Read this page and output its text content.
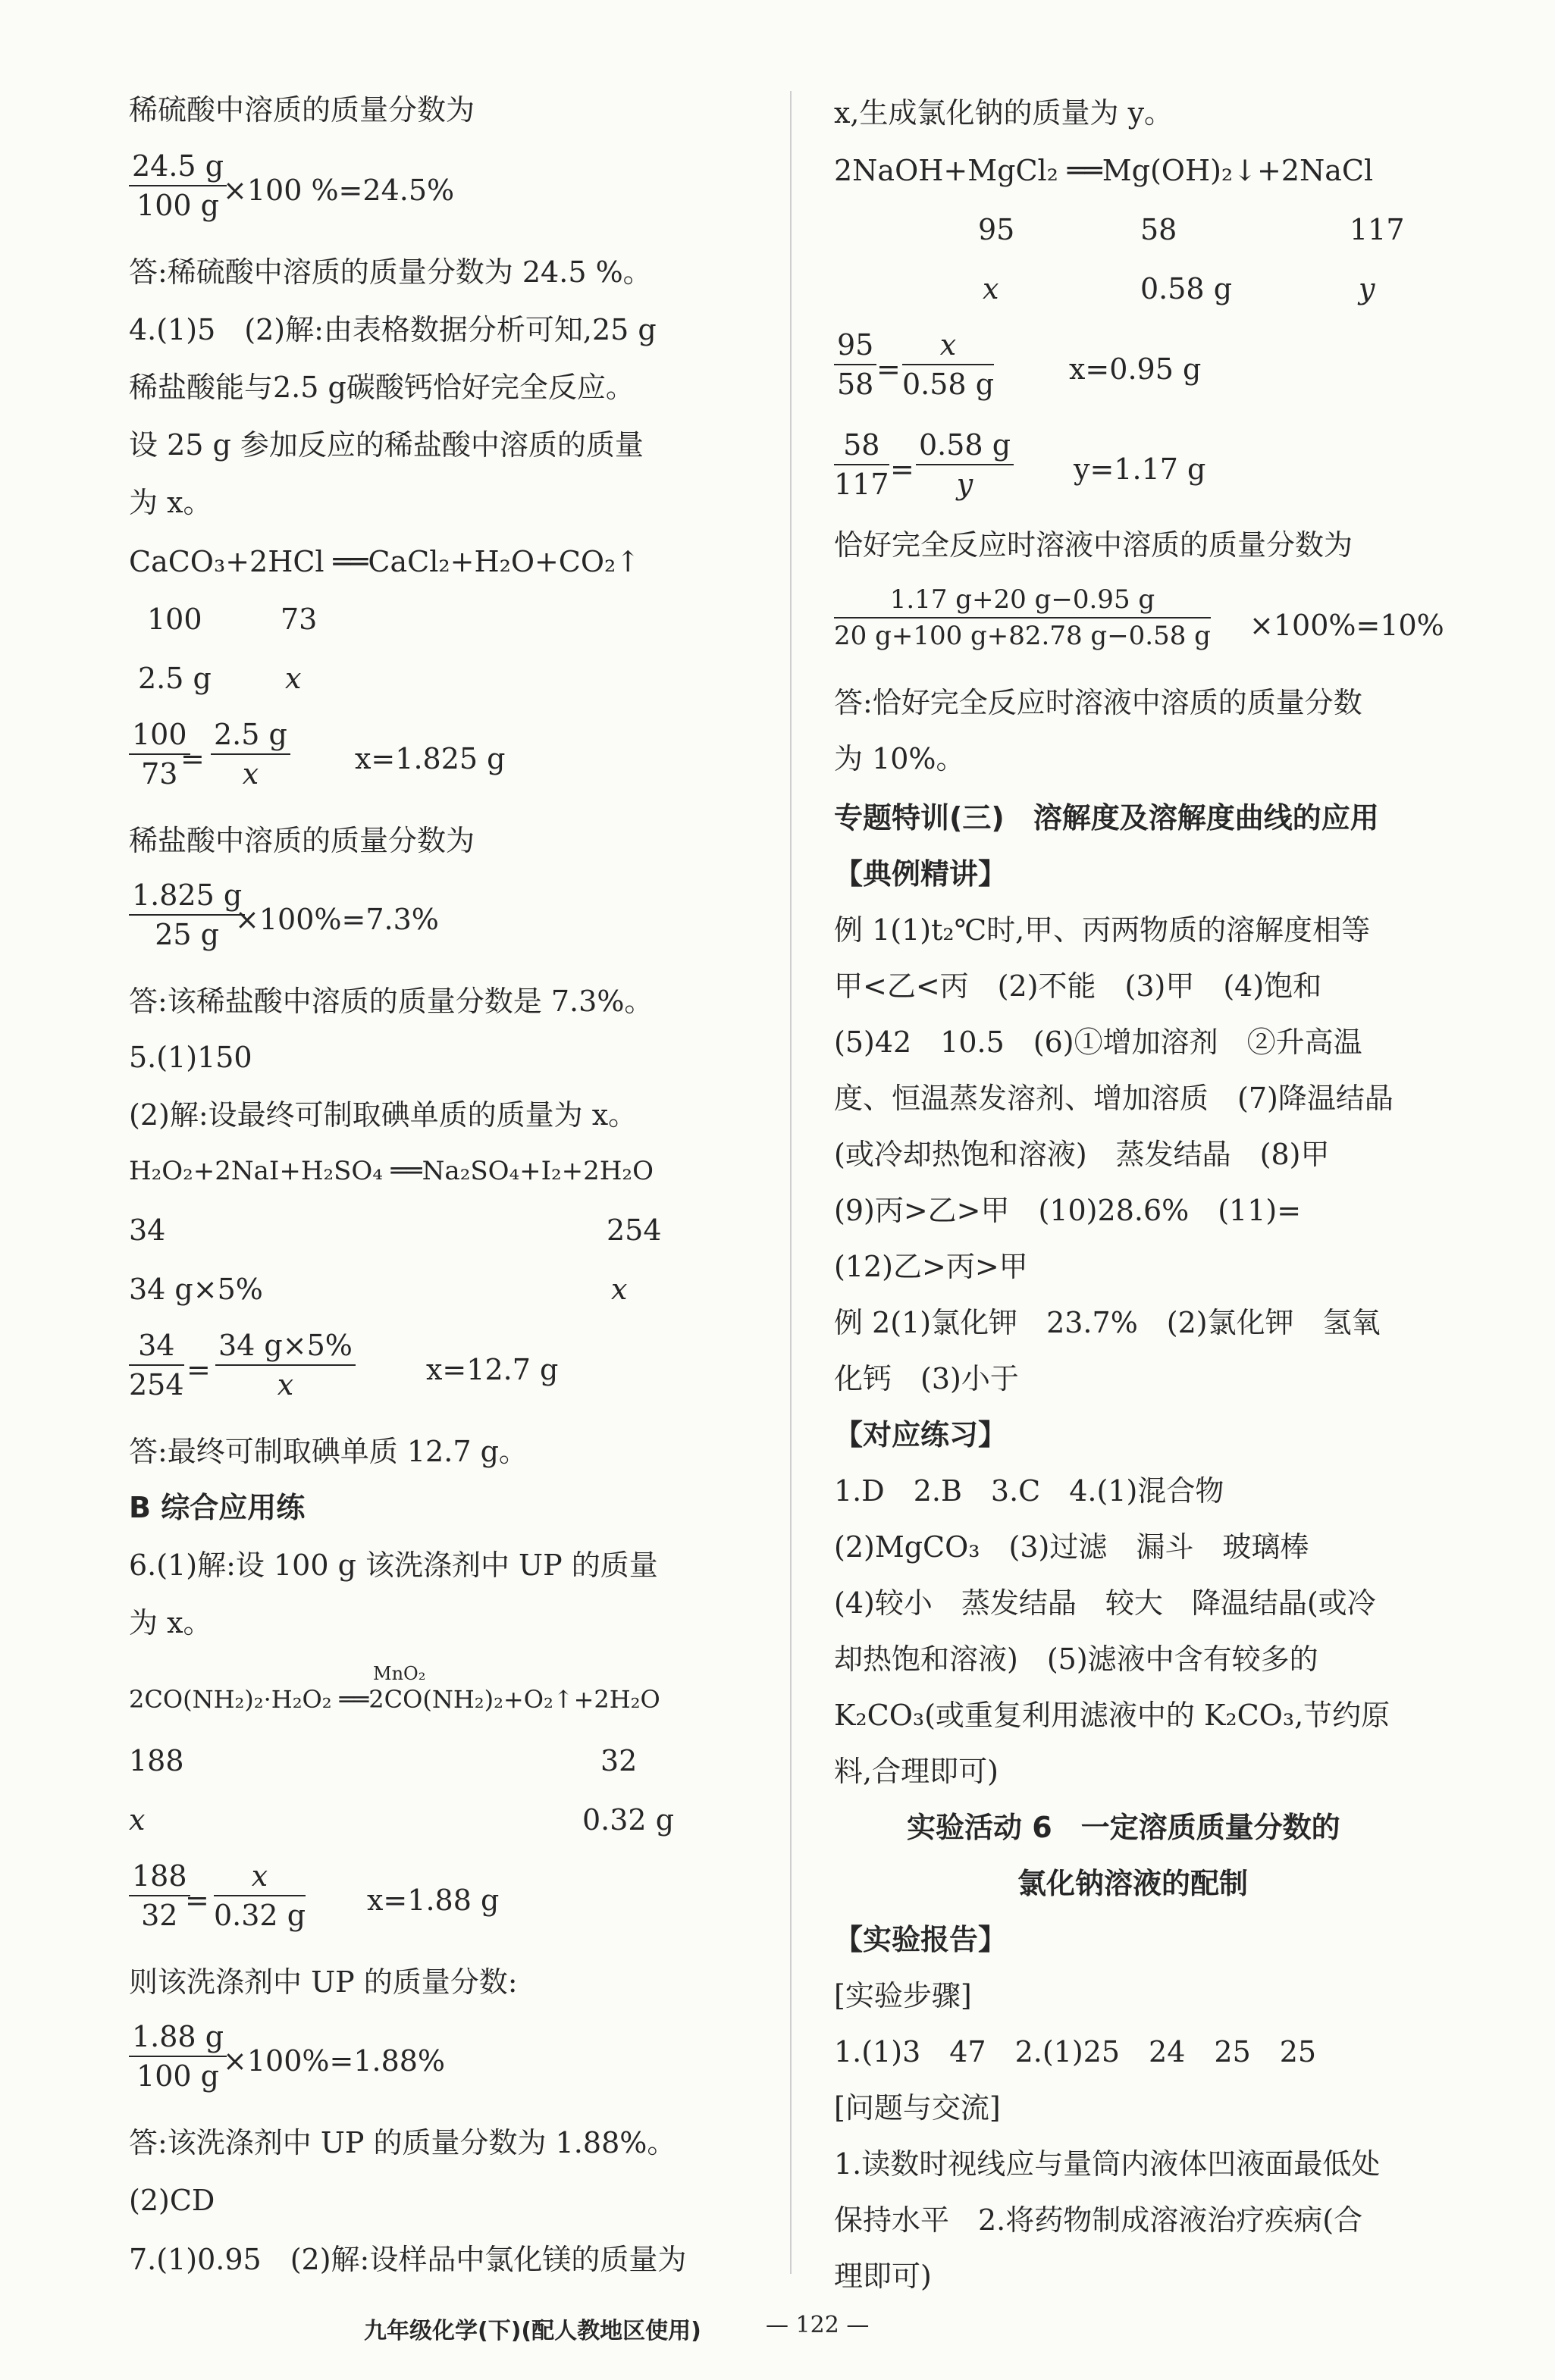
稀硫酸中溶质的质量分数为
$\frac{24.5 g}{100 g}$
×100 %=24.5%
答:稀硫酸中溶质的质量分数为 24.5 %。
4.(1)5　(2)解:由表格数据分析可知,25 g
稀盐酸能与2.5 g碳酸钙恰好完全反应。
设 25 g 参加反应的稀盐酸中溶质的质量
为 x。
CaCO₃+2HCl ══CaCl₂+H₂O+CO₂↑
100	73
2.5 g	x
$\frac{100}{73}$
= $\frac{2.5 g}{x} x=1.825$ g
稀盐酸中溶质的质量分数为
$\frac{1.825 g}{25 g}$
×100%=7.3%
答:该稀盐酸中溶质的质量分数是 7.3%。
5.(1)150
(2)解:设最终可制取碘单质的质量为 x。
H₂O₂+2NaI+H₂SO₄ ══Na₂SO₄+I₂+2H₂O
34	254
34 g×5%	x
$\frac{34}{254} = \frac{34 g\times 5\%}{x} x=12.7$ g
答:最终可制取碘单质 12.7 g。
B 综合应用练
6.(1)解:设 100 g 该洗涤剂中 UP 的质量
为 x。
MnO₂
2CO(NH₂)₂·H₂O₂ ══2CO(NH₂)₂+O₂↑+2H₂O
188	32
x	0.32 g
$\frac{188}{32}$
= $\frac{x}{0.32 g} x=1.88$ g
则该洗涤剂中 UP 的质量分数:
$\frac{1.88 g}{100 g}$
×100%=1.88%
答:该洗涤剂中 UP 的质量分数为 1.88%。
(2)CD
7.(1)0.95　(2)解:设样品中氯化镁的质量为
x,生成氯化钠的质量为 y。
2NaOH+MgCl₂ ══Mg(OH)₂↓+2NaCl
95	58	117
x	0.58 g	y
$\frac{95}{58} = \frac{x}{0.58 g}$	x=0.95 g
$\frac{58}{117} = \frac{0.58 g}{y} y=1.17$ g
恰好完全反应时溶液中溶质的质量分数为
$\frac{1.17 g+20 g-0.95 g}{20 g+100 g+82.78 g-0.58 g} \times 100\%=10\%$
答:恰好完全反应时溶液中溶质的质量分数
为 10%。
专题特训(三)　溶解度及溶解度曲线的应用
【典例精讲】
例 1(1)t₂℃时,甲、丙两物质的溶解度相等
甲<乙<丙　(2)不能　(3)甲　(4)饱和
(5)42　10.5　(6)①增加溶剂　②升高温
度、恒温蒸发溶剂、增加溶质　(7)降温结晶
(或冷却热饱和溶液)　蒸发结晶　(8)甲
(9)丙>乙>甲　(10)28.6%　(11)=
(12)乙>丙>甲
例 2(1)氯化钾　23.7%　(2)氯化钾　氢氧
化钙　(3)小于
【对应练习】
1.D　2.B　3.C　4.(1)混合物
(2)MgCO₃　(3)过滤　漏斗　玻璃棒
(4)较小　蒸发结晶　较大　降温结晶(或冷
却热饱和溶液)　(5)滤液中含有较多的
K₂CO₃(或重复利用滤液中的 K₂CO₃,节约原
料,合理即可)
实验活动 6　一定溶质质量分数的
氯化钠溶液的配制
【实验报告】
[实验步骤]
1.(1)3　47　2.(1)25　24　25　25
[问题与交流]
1.读数时视线应与量筒内液体凹液面最低处
保持水平　2.将药物制成溶液治疗疾病(合
理即可)
九年级化学(下)(配人教地区使用)	— 122 —
